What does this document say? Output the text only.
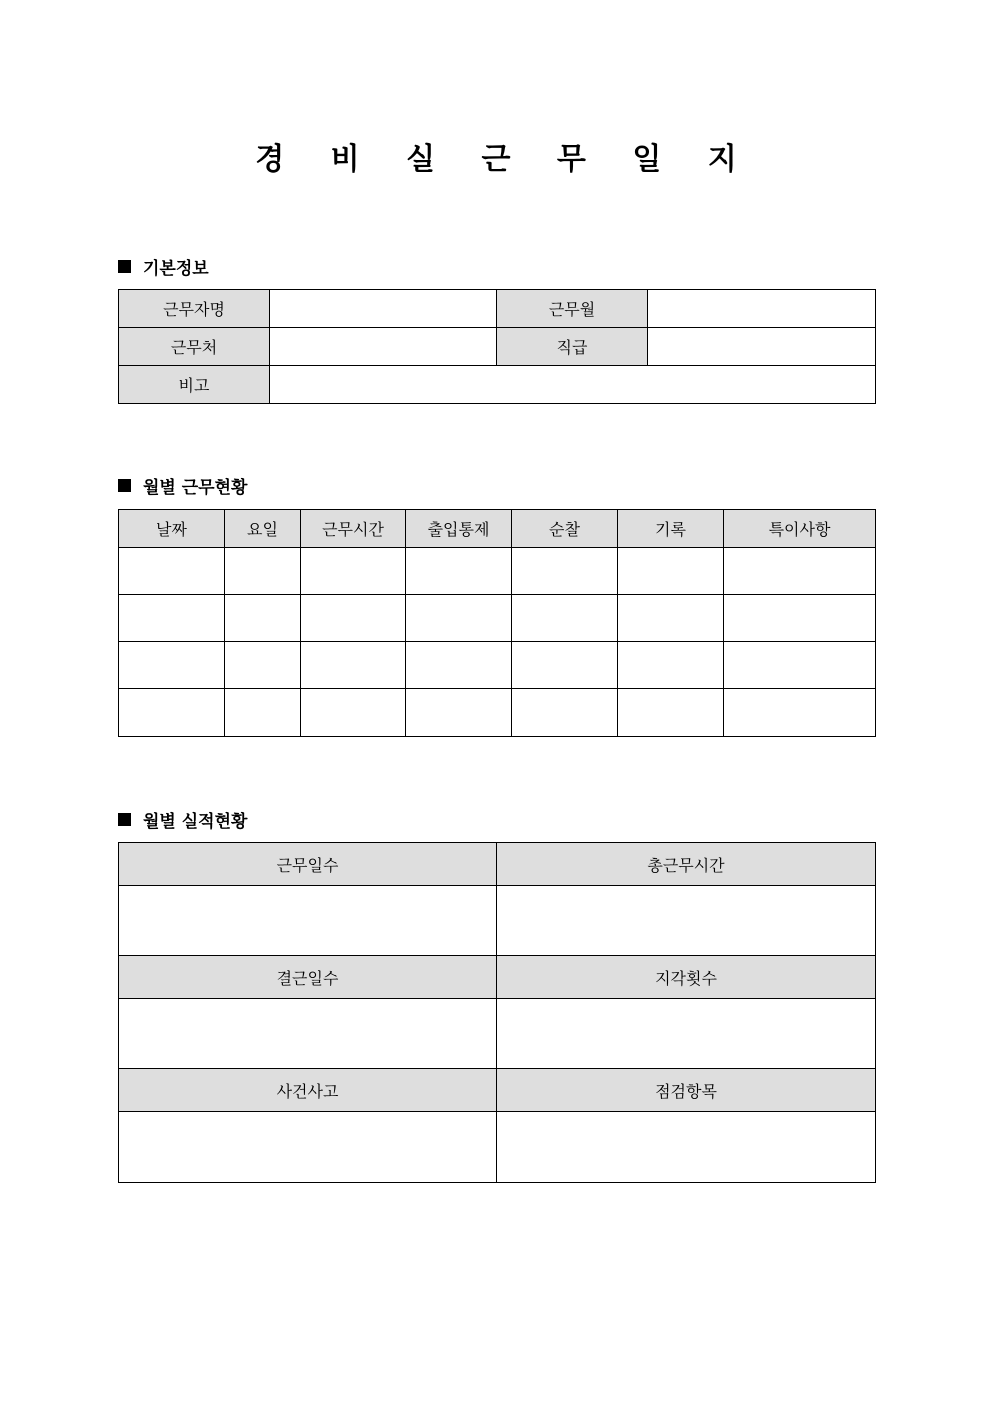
경 비 실 근 무 일 지
기본정보
근무자명		근무월	
근무처		직급	
비고			
월별 근무현황
날짜	요일	근무시간	출입통제	순찰	기록	특이사항

월별 실적현황
근무일수	총근무시간

결근일수	지각횟수

사건사고	점검항목
